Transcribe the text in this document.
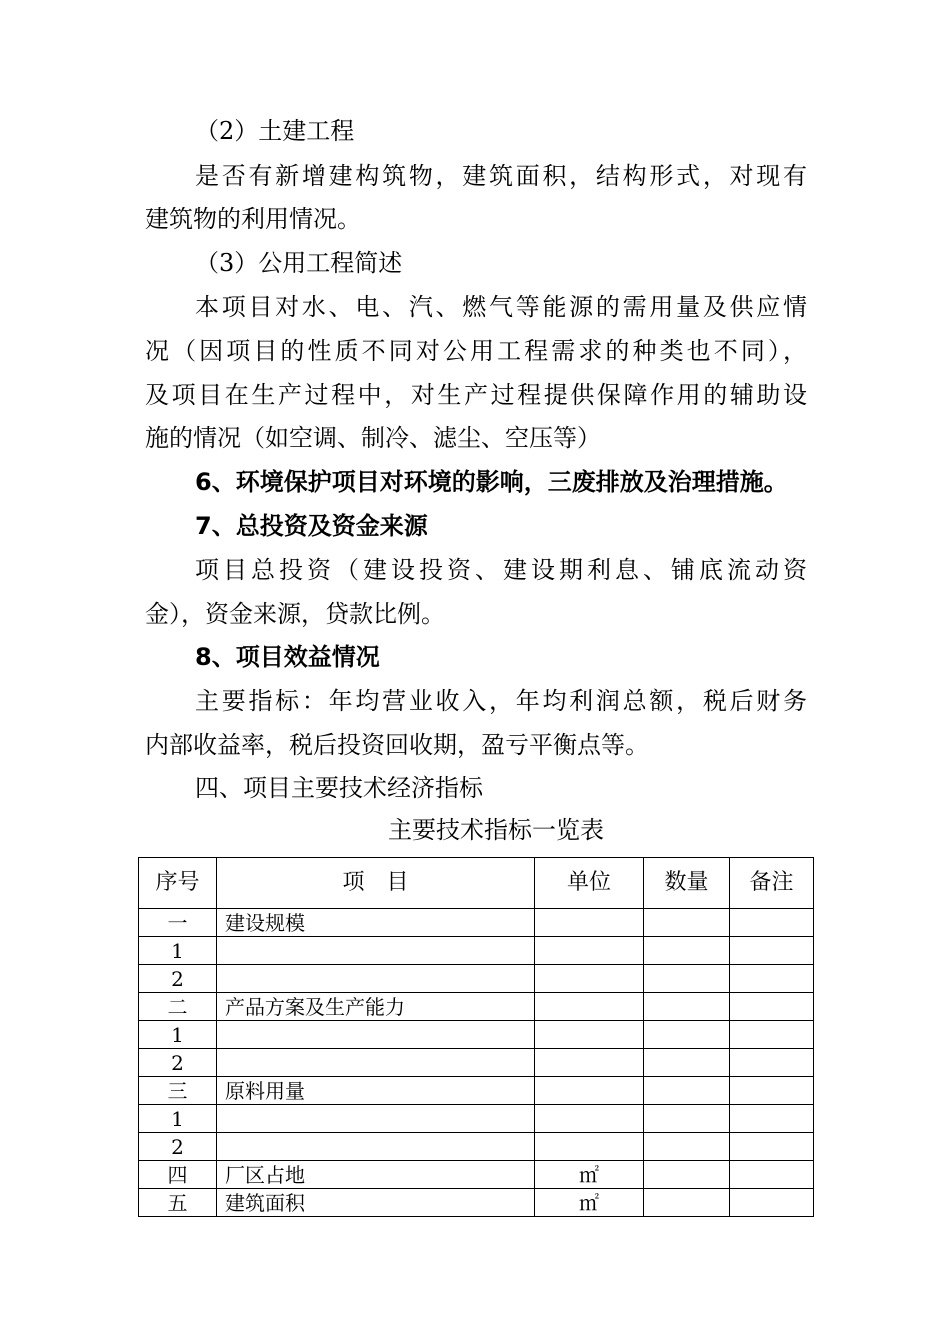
（2）土建工程
是否有新增建构筑物，建筑面积，结构形式，对现有
建筑物的利用情况。
（3）公用工程简述
本项目对水、电、汽、燃气等能源的需用量及供应情
况（因项目的性质不同对公用工程需求的种类也不同），
及项目在生产过程中，对生产过程提供保障作用的辅助设
施的情况（如空调、制冷、滤尘、空压等）
6、环境保护项目对环境的影响，三废排放及治理措施。
7、总投资及资金来源
项目总投资（建设投资、建设期利息、铺底流动资
金），资金来源，贷款比例。
8、项目效益情况
主要指标：年均营业收入，年均利润总额，税后财务
内部收益率，税后投资回收期，盈亏平衡点等。
四、项目主要技术经济指标
主要技术指标一览表
序号	项　目	单位	数量	备注
一	建设规模			
1				
2				
二	产品方案及生产能力			
1				
2				
三	原料用量			
1				
2				
四	厂区占地	㎡		
五	建筑面积	㎡		
